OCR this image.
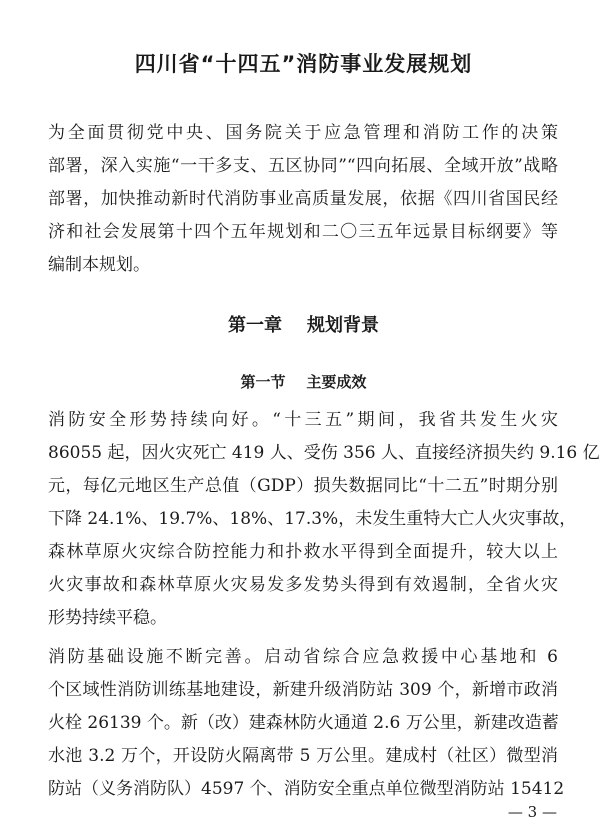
四川省“十四五”消防事业发展规划
为全面贯彻党中央、国务院关于应急管理和消防工作的决策
部署，深入实施“一干多支、五区协同”“四向拓展、全域开放”战略
部署，加快推动新时代消防事业高质量发展，依据《四川省国民经
济和社会发展第十四个五年规划和二〇三五年远景目标纲要》等
编制本规划。
第一章    规划背景
第一节    主要成效
消防安全形势持续向好。“十三五”期间，我省共发生火灾
86055 起，因火灾死亡 419 人、受伤 356 人、直接经济损失约 9.16 亿
元，每亿元地区生产总值（GDP）损失数据同比“十二五”时期分别
下降 24.1%、19.7%、18%、17.3%，未发生重特大亡人火灾事故，
森林草原火灾综合防控能力和扑救水平得到全面提升，较大以上
火灾事故和森林草原火灾易发多发势头得到有效遏制，全省火灾
形势持续平稳。
消防基础设施不断完善。启动省综合应急救援中心基地和 6
个区域性消防训练基地建设，新建升级消防站 309 个，新增市政消
火栓 26139 个。新（改）建森林防火通道 2.6 万公里，新建改造蓄
水池 3.2 万个，开设防火隔离带 5 万公里。建成村（社区）微型消
防站（义务消防队）4597 个、消防安全重点单位微型消防站 15412
— 3 —
